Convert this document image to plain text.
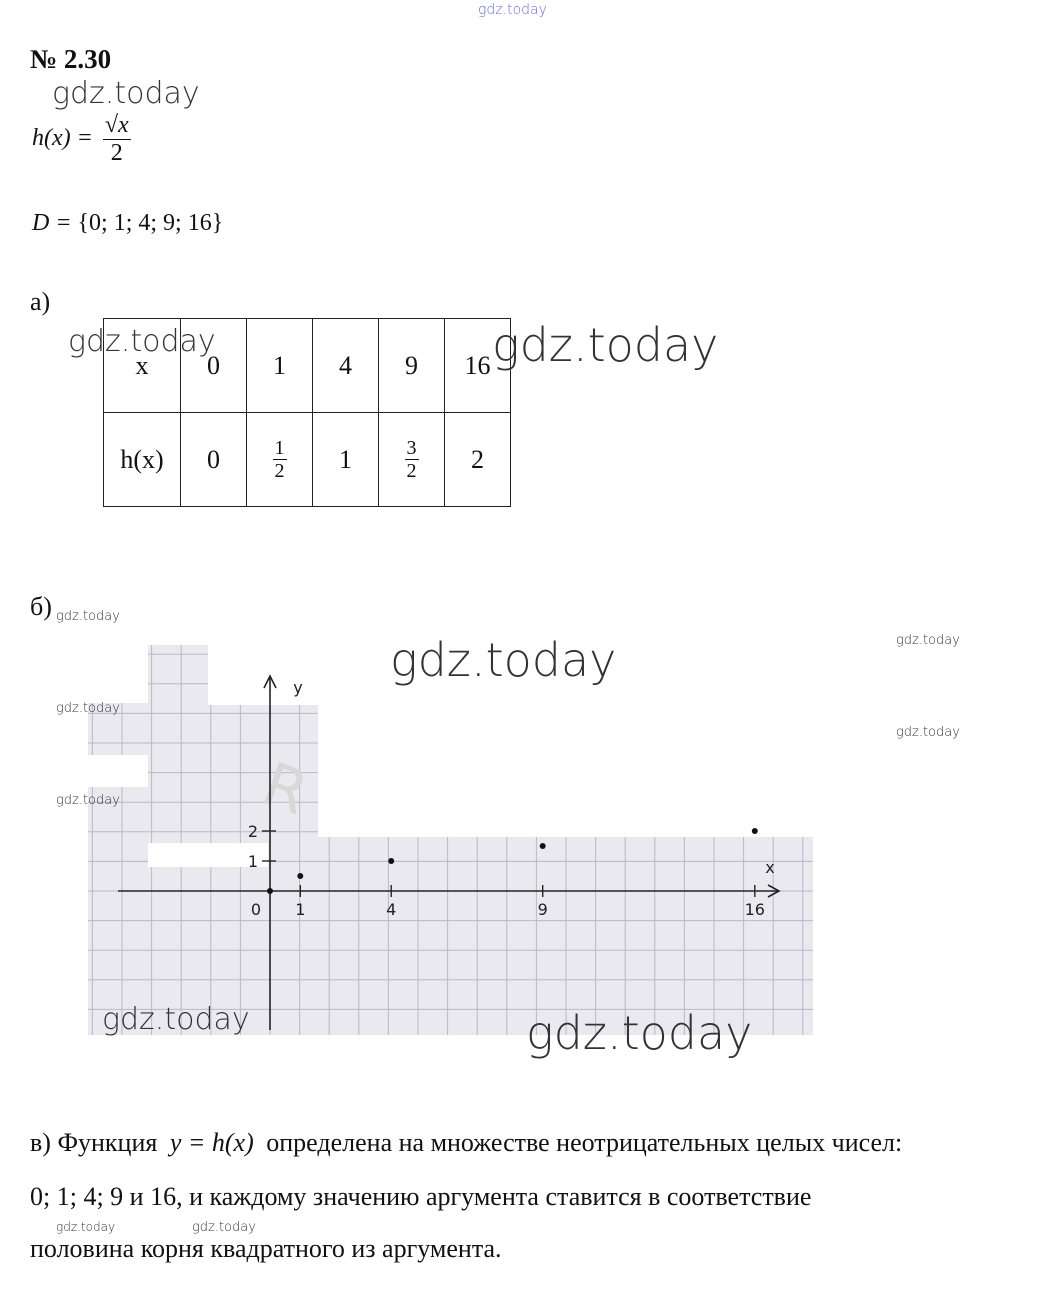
gdz.today
№ 2.30
gdz.today
$h(x) = \frac{√x}{2}$
D = {0; 1; 4; 9; 16}
а)
x	0	1	4	9	16
h(x)	0	$\frac{1}{2}$	1	$\frac{3}{2}$	2
gdz.today	gdz.today
б) gdz.today
R
x
y
0 1	4	9	16
1
2
gdz.today	gdz.today
gdz.today
gdz.today
gdz.today
gdz.today	gdz.today
в) Функция y = h(x) определена на множестве неотрицательных целых чисел:
0; 1; 4; 9 и 16, и каждому значению аргумента ставится в соответствие
gdz.today	gdz.today
половина корня квадратного из аргумента.
